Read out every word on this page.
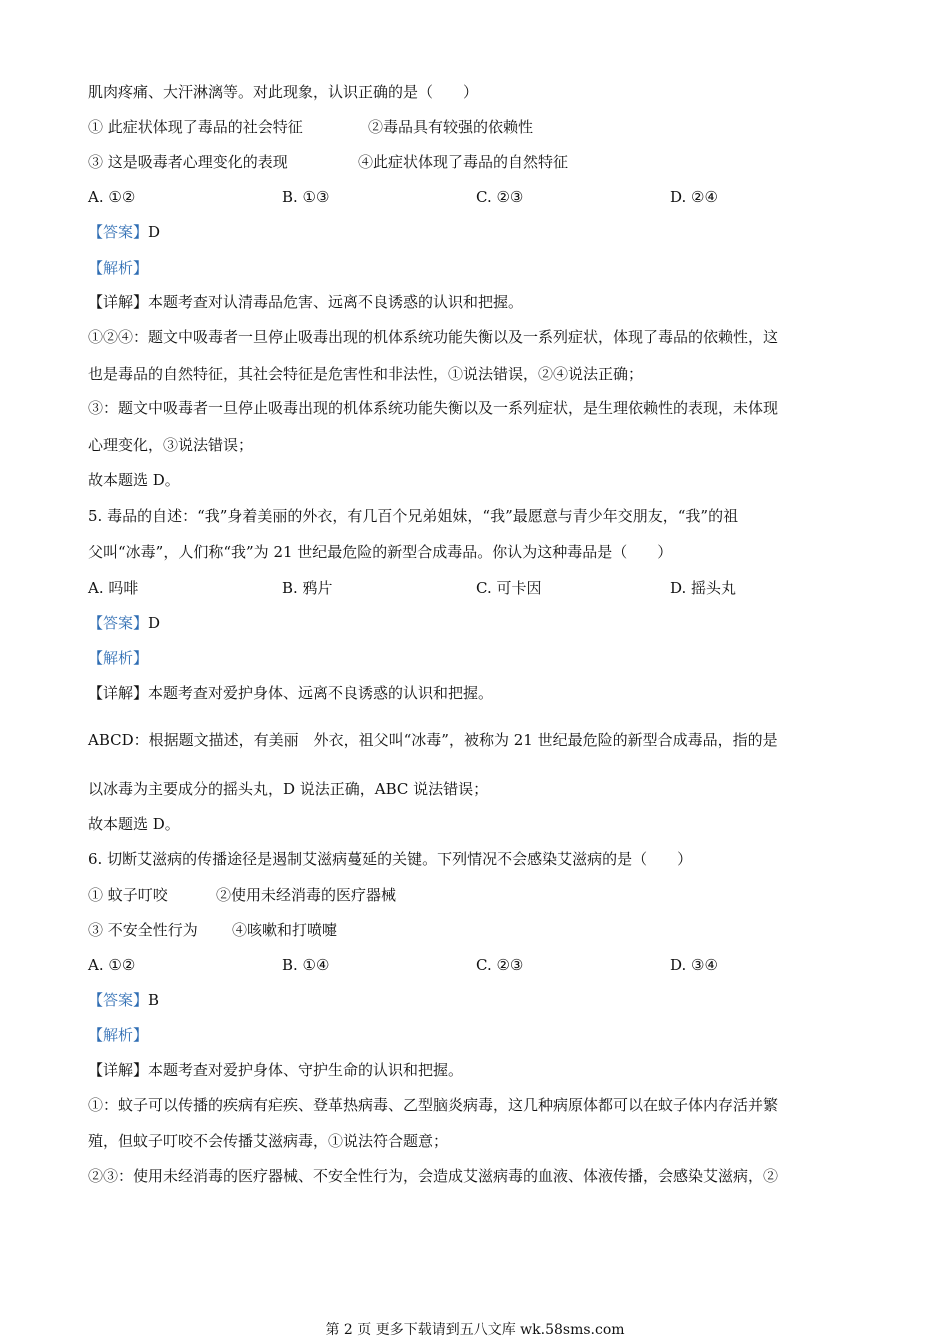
肌肉疼痛、大汗淋漓等。对此现象，认识正确的是（　　）
① 此症状体现了毒品的社会特征	②毒品具有较强的依赖性
③ 这是吸毒者心理变化的表现	④此症状体现了毒品的自然特征
A. ①②	B. ①③	C. ②③	D. ②④
【答案】D
【解析】
【详解】本题考查对认清毒品危害、远离不良诱惑的认识和把握。
①②④：题文中吸毒者一旦停止吸毒出现的机体系统功能失衡以及一系列症状，体现了毒品的依赖性，这
也是毒品的自然特征，其社会特征是危害性和非法性，①说法错误，②④说法正确；
③：题文中吸毒者一旦停止吸毒出现的机体系统功能失衡以及一系列症状，是生理依赖性的表现，未体现
心理变化，③说法错误；
故本题选 D。
5. 毒品的自述：“我”身着美丽的外衣，有几百个兄弟姐妹，“我”最愿意与青少年交朋友，“我”的祖
父叫“冰毒”，人们称“我”为 21 世纪最危险的新型合成毒品。你认为这种毒品是（　　）
A. 吗啡	B. 鸦片	C. 可卡因	D. 摇头丸
【答案】D
【解析】
【详解】本题考查对爱护身体、远离不良诱惑的认识和把握。
ABCD：根据题文描述，有美丽　外衣，祖父叫“冰毒”，被称为 21 世纪最危险的新型合成毒品，指的是
以冰毒为主要成分的摇头丸，D 说法正确，ABC 说法错误；
故本题选 D。
6. 切断艾滋病的传播途径是遏制艾滋病蔓延的关键。下列情况不会感染艾滋病的是（　　）
① 蚊子叮咬	②使用未经消毒的医疗器械
③ 不安全性行为 ④咳嗽和打喷嚏
A. ①②	B. ①④	C. ②③	D. ③④
【答案】B
【解析】
【详解】本题考查对爱护身体、守护生命的认识和把握。
①：蚊子可以传播的疾病有疟疾、登革热病毒、乙型脑炎病毒，这几种病原体都可以在蚊子体内存活并繁
殖，但蚊子叮咬不会传播艾滋病毒，①说法符合题意；
②③：使用未经消毒的医疗器械、不安全性行为，会造成艾滋病毒的血液、体液传播，会感染艾滋病，②
第 2 页 更多下载请到五八文库 wk.58sms.com
